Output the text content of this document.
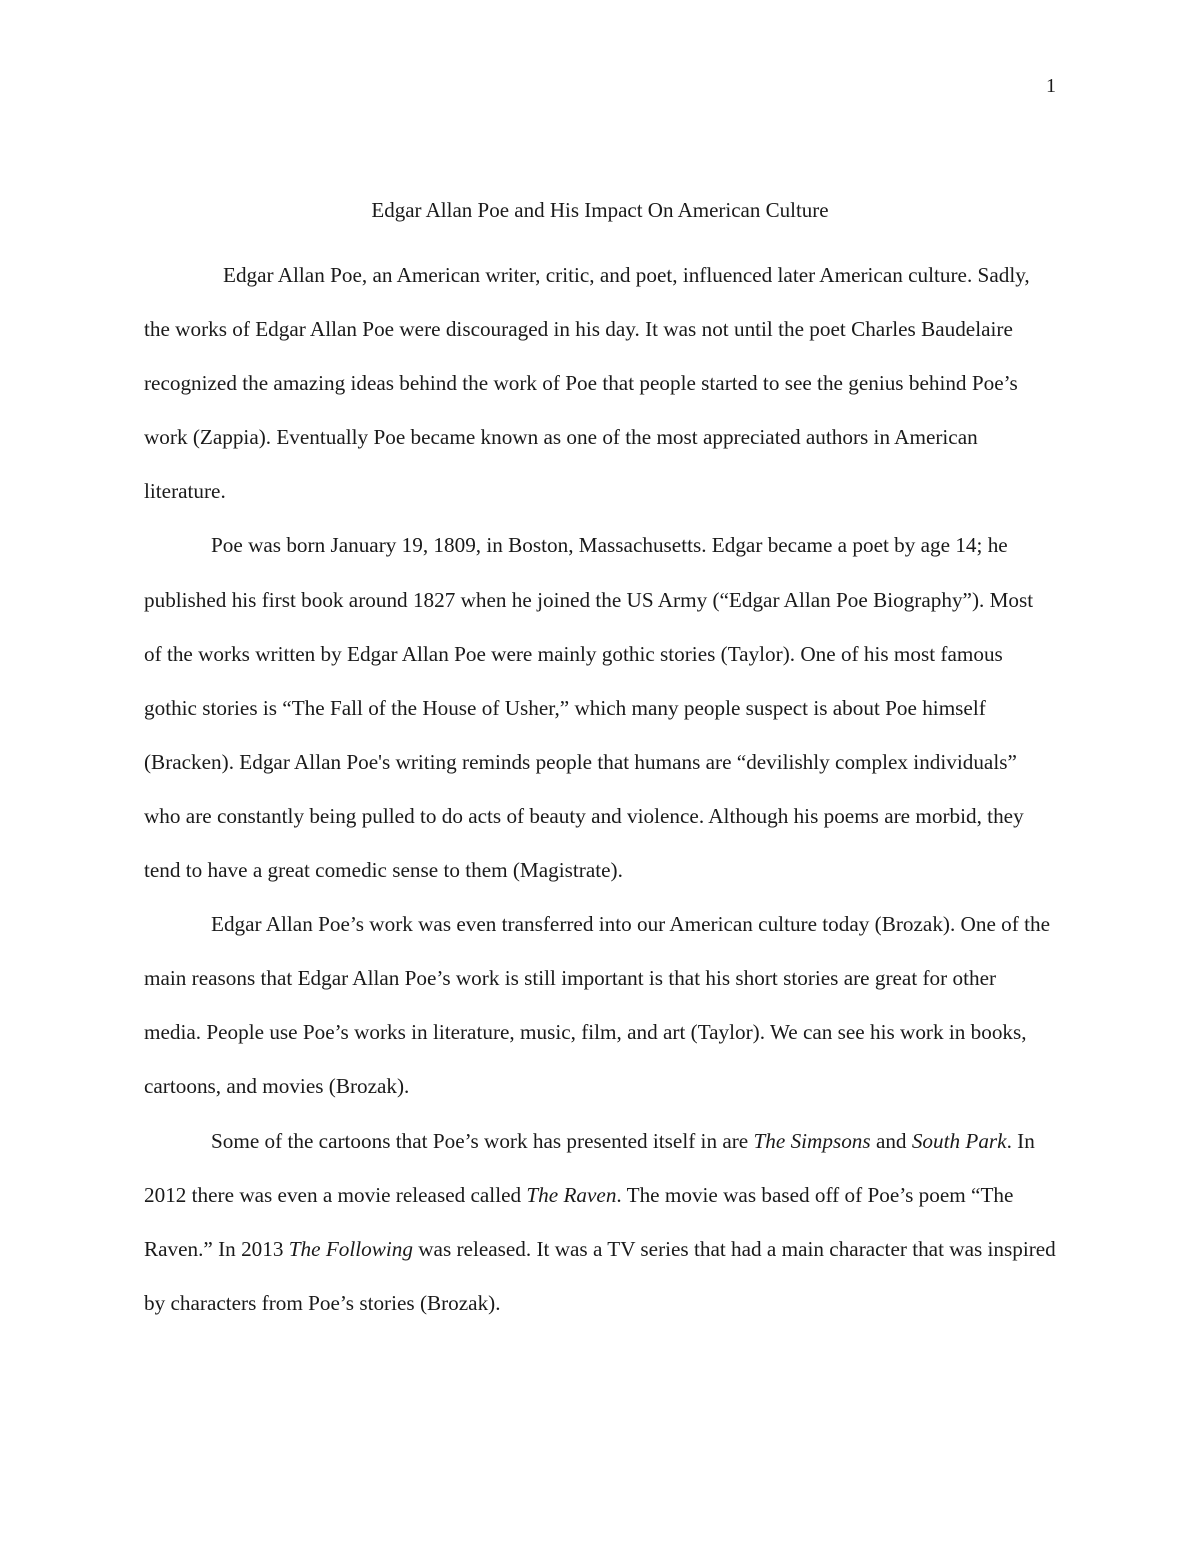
1
Edgar Allan Poe and His Impact On American Culture

Edgar Allan Poe, an American writer, critic, and poet, influenced later American culture. Sadly, the works of Edgar Allan Poe were discouraged in his day. It was not until the poet Charles Baudelaire recognized the amazing ideas behind the work of Poe that people started to see the genius behind Poe’s work (Zappia). Eventually Poe became known as one of the most appreciated authors in American literature.

Poe was born January 19, 1809, in Boston, Massachusetts. Edgar became a poet by age 14; he published his first book around 1827 when he joined the US Army (“Edgar Allan Poe Biography”). Most of the works written by Edgar Allan Poe were mainly gothic stories (Taylor). One of his most famous gothic stories is “The Fall of the House of Usher,” which many people suspect is about Poe himself (Bracken). Edgar Allan Poe's writing reminds people that humans are “devilishly complex individuals” who are constantly being pulled to do acts of beauty and violence. Although his poems are morbid, they tend to have a great comedic sense to them (Magistrate).

Edgar Allan Poe’s work was even transferred into our American culture today (Brozak). One of the main reasons that Edgar Allan Poe’s work is still important is that his short stories are great for other media. People use Poe’s works in literature, music, film, and art (Taylor). We can see his work in books, cartoons, and movies (Brozak).

Some of the cartoons that Poe’s work has presented itself in are The Simpsons and South Park. In 2012 there was even a movie released called The Raven. The movie was based off of Poe’s poem “The Raven.” In 2013 The Following was released. It was a TV series that had a main character that was inspired by characters from Poe’s stories (Brozak).
